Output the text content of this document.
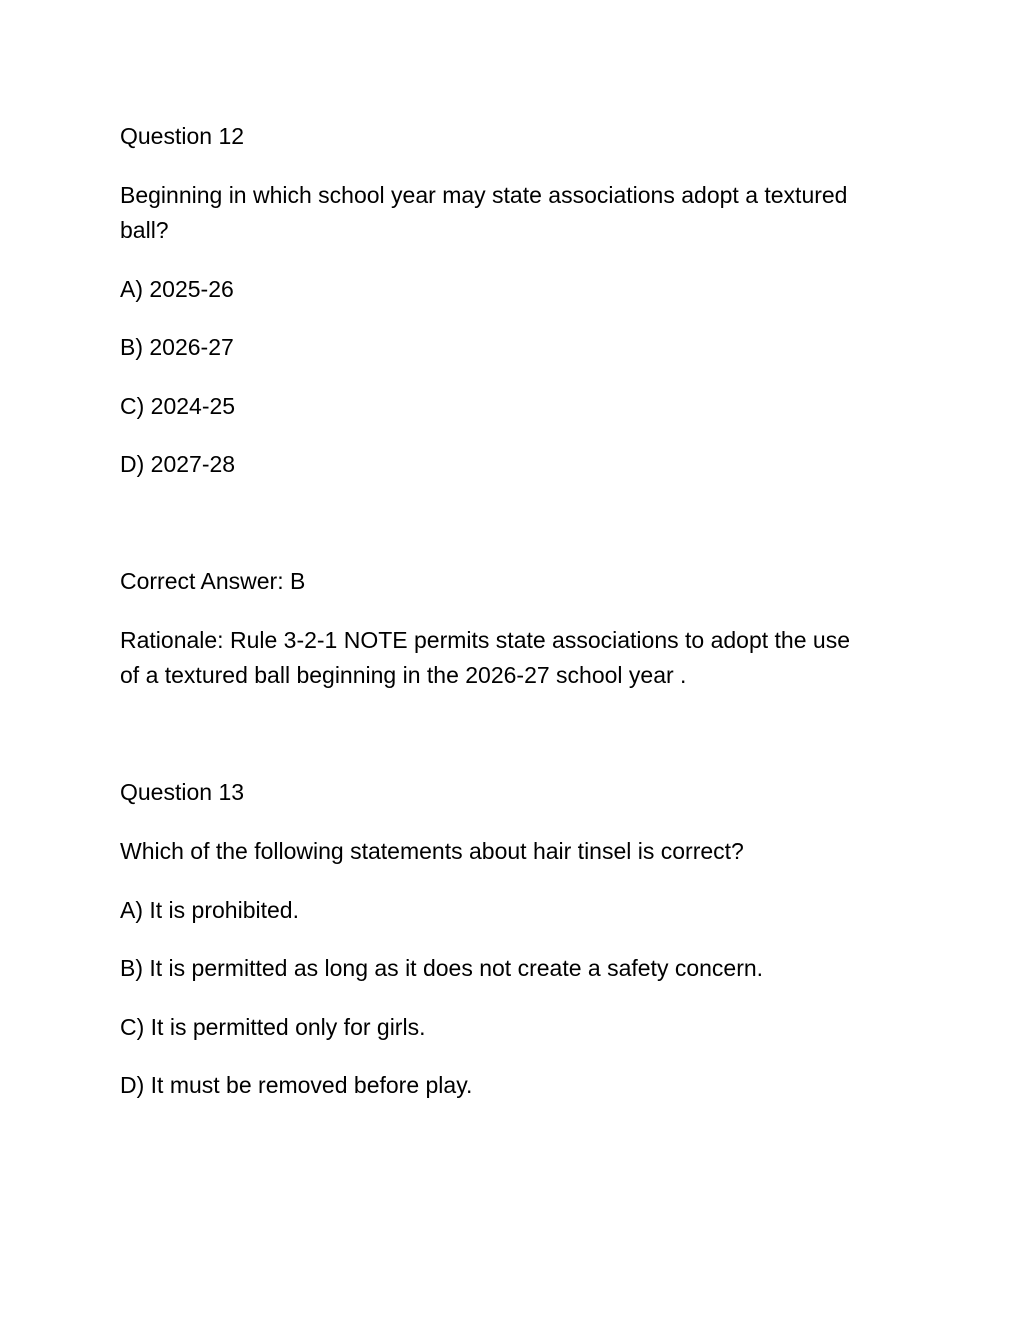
Question 12
Beginning in which school year may state associations adopt a textured
ball?
A) 2025-26
B) 2026-27
C) 2024-25
D) 2027-28
Correct Answer: B
Rationale: Rule 3-2-1 NOTE permits state associations to adopt the use
of a textured ball beginning in the 2026-27 school year .
Question 13
Which of the following statements about hair tinsel is correct?
A) It is prohibited.
B) It is permitted as long as it does not create a safety concern.
C) It is permitted only for girls.
D) It must be removed before play.
